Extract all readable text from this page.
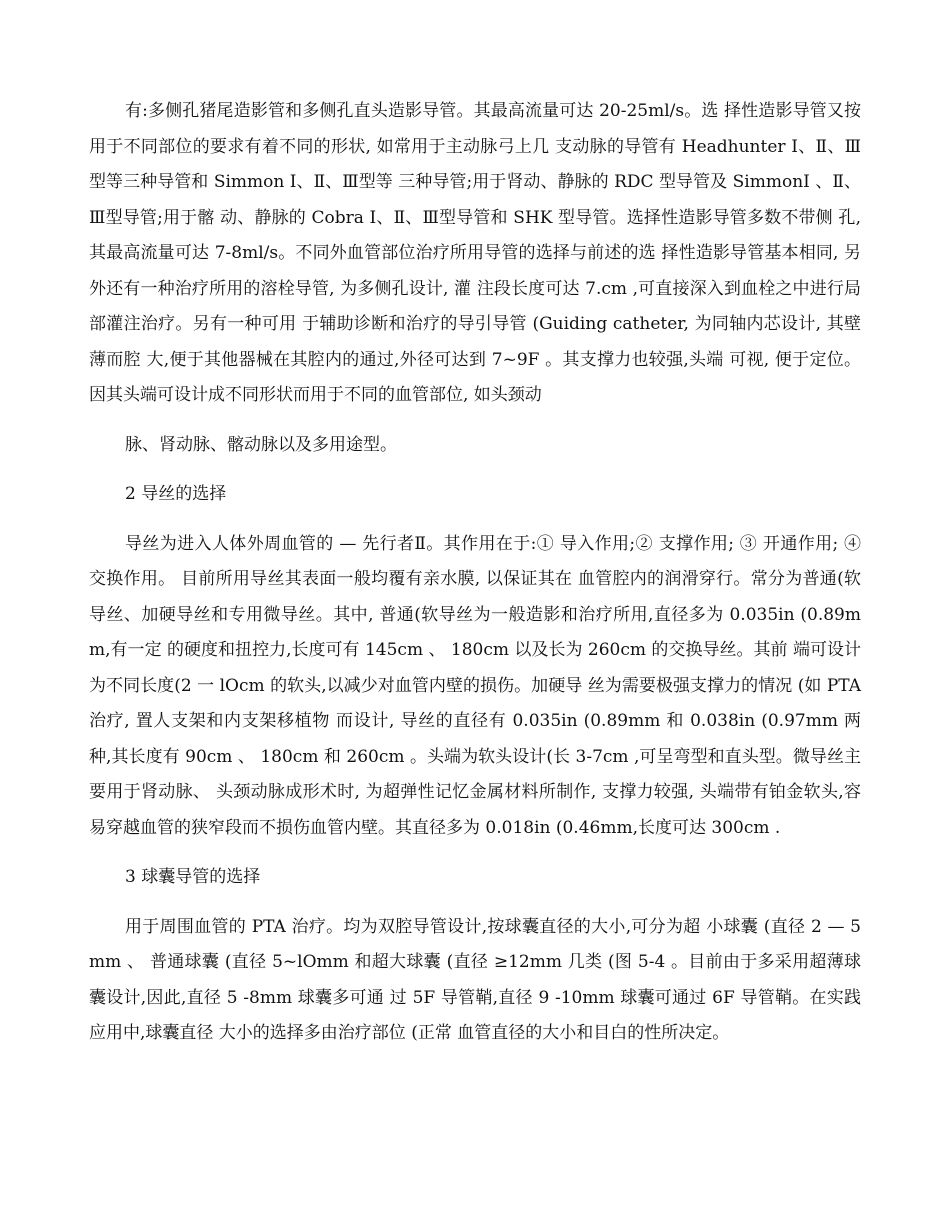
有:多侧孔猪尾造影管和多侧孔直头造影导管。其最高流量可达 20-25ml/s。选 择性造影导管又按用于不同部位的要求有着不同的形状, 如常用于主动脉弓上几 支动脉的导管有 Headhunter I、Ⅱ、Ⅲ型等三种导管和 Simmon I、Ⅱ、Ⅲ型等 三种导管;用于肾动、静脉的 RDC 型导管及 SimmonI 、Ⅱ、Ⅲ型导管;用于髂 动、静脉的 Cobra I、Ⅱ、Ⅲ型导管和 SHK 型导管。选择性造影导管多数不带侧 孔,其最高流量可达 7-8ml/s。不同外血管部位治疗所用导管的选择与前述的选 择性造影导管基本相同, 另外还有一种治疗所用的溶栓导管, 为多侧孔设计, 灌 注段长度可达 7.cm ,可直接深入到血栓之中进行局部灌注治疗。另有一种可用 于辅助诊断和治疗的导引导管 (Guiding catheter, 为同轴内芯设计, 其壁薄而腔 大,便于其他器械在其腔内的通过,外径可达到 7~9F 。其支撑力也较强,头端 可视, 便于定位。 因其头端可设计成不同形状而用于不同的血管部位, 如头颈动

脉、肾动脉、髂动脉以及多用途型。

2 导丝的选择

导丝为进入人体外周血管的 — 先行者Ⅱ。其作用在于:① 导入作用;② 支撑作用; ③ 开通作用; ④ 交换作用。 目前所用导丝其表面一般均覆有亲水膜, 以保证其在 血管腔内的润滑穿行。常分为普通(软导丝、加硬导丝和专用微导丝。其中, 普通(软导丝为一般造影和治疗所用,直径多为 0.035in (0.89mm,有一定 的硬度和扭控力,长度可有 145cm 、 180cm 以及长为 260cm 的交换导丝。其前 端可设计为不同长度(2 一 lOcm 的软头,以减少对血管内壁的损伤。加硬导 丝为需要极强支撑力的情况 (如 PTA 治疗, 置人支架和内支架移植物 而设计, 导丝的直径有 0.035in (0.89mm 和 0.038in (0.97mm 两种,其长度有 90cm 、 180cm 和 260cm 。头端为软头设计(长 3-7cm ,可呈弯型和直头型。微导丝主 要用于肾动脉、 头颈动脉成形术时, 为超弹性记忆金属材料所制作, 支撑力较强, 头端带有铂金软头,容易穿越血管的狭窄段而不损伤血管内壁。其直径多为 0.018in (0.46mm,长度可达 300cm .

3 球囊导管的选择

用于周围血管的 PTA 治疗。均为双腔导管设计,按球囊直径的大小,可分为超 小球囊 (直径 2 — 5mm 、 普通球囊 (直径 5~lOmm 和超大球囊 (直径 ≥12mm 几类 (图 5-4 。目前由于多采用超薄球囊设计,因此,直径 5 -8mm 球囊多可通 过 5F 导管鞘,直径 9 -10mm 球囊可通过 6F 导管鞘。在实践应用中,球囊直径 大小的选择多由治疗部位 (正常 血管直径的大小和目白的性所决定。
